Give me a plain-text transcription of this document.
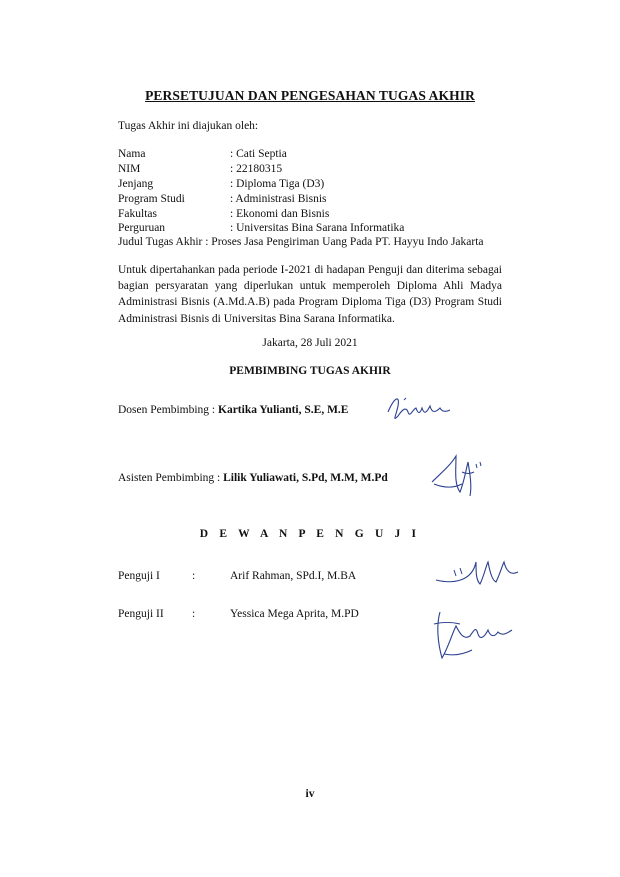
PERSETUJUAN DAN PENGESAHAN TUGAS AKHIR
Tugas Akhir ini diajukan oleh:
Nama	: Cati Septia
NIM	: 22180315
Jenjang	: Diploma Tiga (D3)
Program Studi	: Administrasi Bisnis
Fakultas	: Ekonomi dan Bisnis
Perguruan	: Universitas Bina Sarana Informatika
Judul Tugas Akhir : Proses Jasa Pengiriman Uang Pada PT. Hayyu Indo Jakarta
Untuk dipertahankan pada periode I-2021 di hadapan Penguji dan diterima sebagai bagian persyaratan yang diperlukan untuk memperoleh Diploma Ahli Madya Administrasi Bisnis (A.Md.A.B) pada Program Diploma Tiga (D3) Program Studi Administrasi Bisnis di Universitas Bina Sarana Informatika.
Jakarta, 28 Juli 2021
PEMBIMBING TUGAS AKHIR
Dosen Pembimbing : Kartika Yulianti, S.E, M.E
Asisten Pembimbing : Lilik Yuliawati, S.Pd, M.M, M.Pd
D E W A N P E N G U J I
Penguji I	:	Arif Rahman, SPd.I, M.BA
Penguji II :	Yessica Mega Aprita, M.PD
iv
